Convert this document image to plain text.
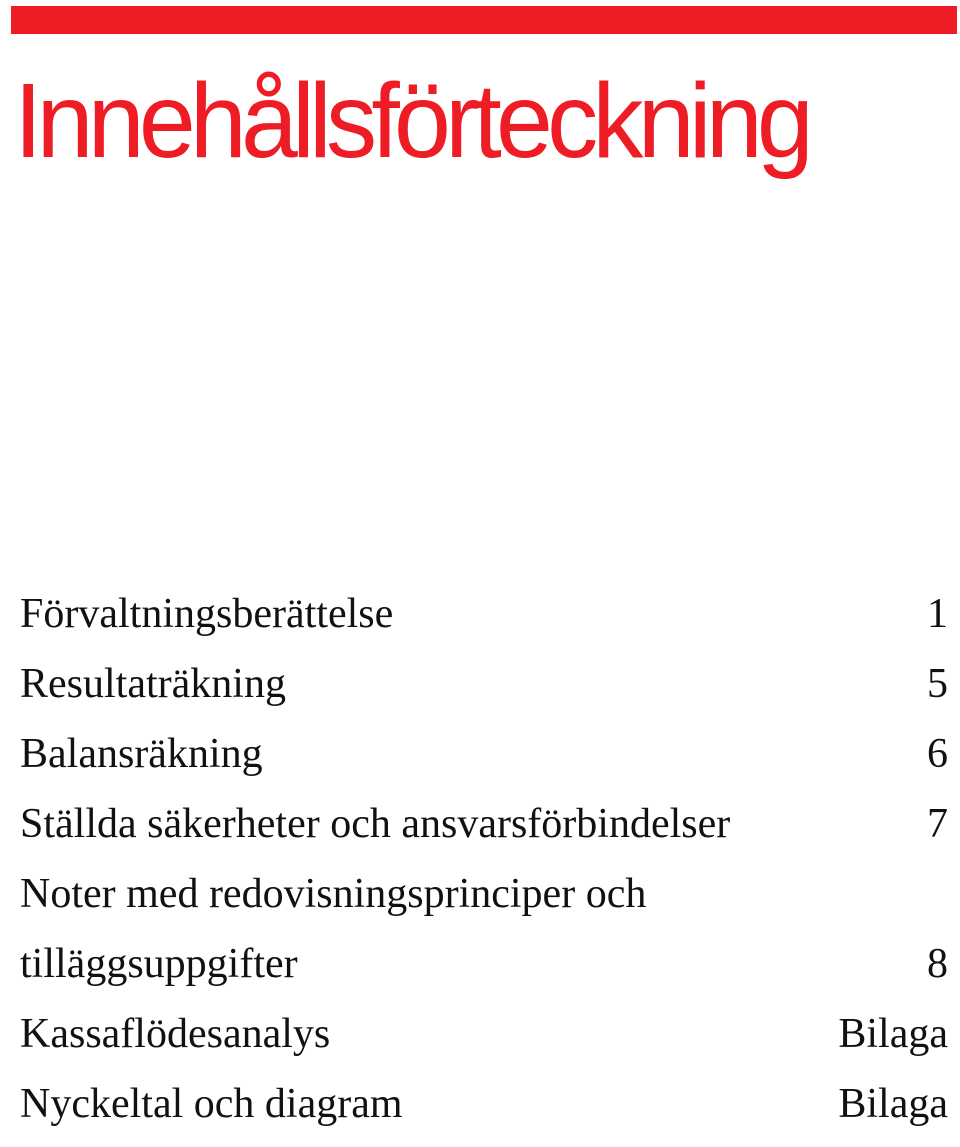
Innehållsförteckning
Förvaltningsberättelse	1
Resultaträkning	5
Balansräkning	6
Ställda säkerheter och ansvarsförbindelser	7
Noter med redovisningsprinciper och
tilläggsuppgifter	8
Kassaflödesanalys	Bilaga
Nyckeltal och diagram	Bilaga
